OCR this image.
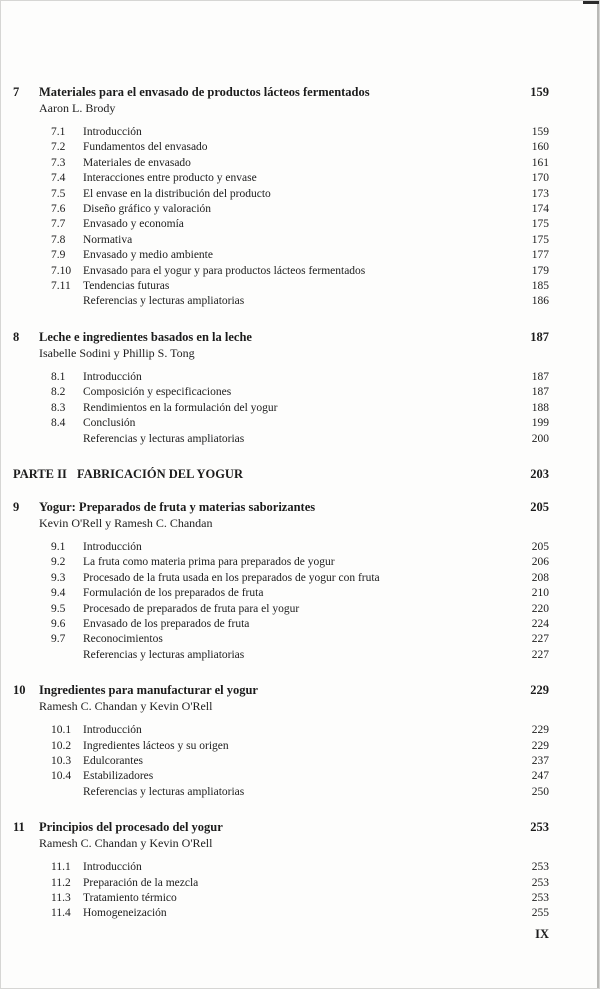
7	Materiales para el envasado de productos lácteos fermentados	159
Aaron L. Brody
7.1	Introducción	159
7.2	Fundamentos del envasado	160
7.3	Materiales de envasado	161
7.4	Interacciones entre producto y envase	170
7.5	El envase en la distribución del producto	173
7.6	Diseño gráfico y valoración	174
7.7	Envasado y economía	175
7.8	Normativa	175
7.9	Envasado y medio ambiente	177
7.10	Envasado para el yogur y para productos lácteos fermentados	179
7.11	Tendencias futuras	185
Referencias y lecturas ampliatorias	186
8	Leche e ingredientes basados en la leche	187
Isabelle Sodini y Phillip S. Tong
8.1	Introducción	187
8.2	Composición y especificaciones	187
8.3	Rendimientos en la formulación del yogur	188
8.4	Conclusión	199
Referencias y lecturas ampliatorias	200
PARTE II FABRICACIÓN DEL YOGUR	203
9	Yogur: Preparados de fruta y materias saborizantes	205
Kevin O'Rell y Ramesh C. Chandan
9.1	Introducción	205
9.2	La fruta como materia prima para preparados de yogur	206
9.3	Procesado de la fruta usada en los preparados de yogur con fruta	208
9.4	Formulación de los preparados de fruta	210
9.5	Procesado de preparados de fruta para el yogur	220
9.6	Envasado de los preparados de fruta	224
9.7	Reconocimientos	227
Referencias y lecturas ampliatorias	227
10	Ingredientes para manufacturar el yogur	229
Ramesh C. Chandan y Kevin O'Rell
10.1	Introducción	229
10.2	Ingredientes lácteos y su origen	229
10.3	Edulcorantes	237
10.4	Estabilizadores	247
Referencias y lecturas ampliatorias	250
11	Principios del procesado del yogur	253
Ramesh C. Chandan y Kevin O'Rell
11.1	Introducción	253
11.2	Preparación de la mezcla	253
11.3	Tratamiento térmico	253
11.4	Homogeneización	255
IX
